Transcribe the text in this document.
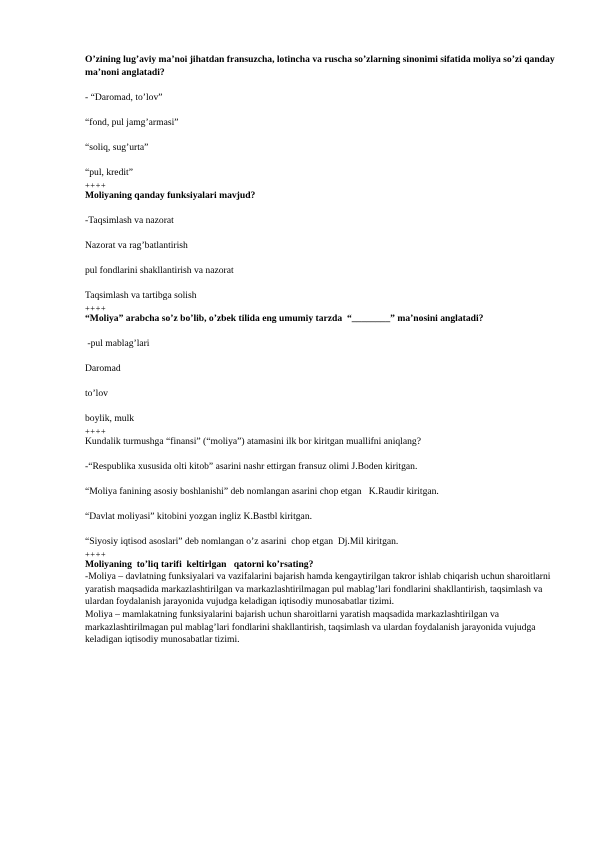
O’zining lug’aviy ma’noi jihatdan fransuzcha, lotincha va ruscha so’zlarning sinonimi sifatida moliya so’zi qanday ma’noni anglatadi?

- “Daromad, to’lov”

“fond, pul jamg’armasi”

“soliq, sug’urta”

“pul, kredit”

++++

Moliyaning qanday funksiyalari mavjud?

-Taqsimlash va nazorat

Nazorat va rag’batlantirish

pul fondlarini shakllantirish va nazorat

Taqsimlash va tartibga solish

++++

“Moliya” arabcha so’z bo’lib, o’zbek tilida eng umumiy tarzda  “________” ma’nosini anglatadi?

-pul mablag’lari

Daromad

to’lov

boylik, mulk

++++

Kundalik turmushga “finansi” (“moliya”) atamasini ilk bor kiritgan muallifni aniqlang?

-“Respublika xususida olti kitob” asarini nashr ettirgan fransuz olimi J.Boden kiritgan.

“Moliya fanining asosiy boshlanishi” deb nomlangan asarini chop etgan   K.Raudir kiritgan.

“Davlat moliyasi” kitobini yozgan ingliz K.Bastbl kiritgan.

“Siyosiy iqtisod asoslari” deb nomlangan o’z asarini  chop etgan  Dj.Mil kiritgan.

++++

Moliyaning  to’liq tarifi  keltirlgan   qatorni ko’rsating?

-Moliya – davlatning funksiyalari va vazifalarini bajarish hamda kengaytirilgan takror ishlab chiqarish uchun sharoitlarni yaratish maqsadida markazlashtirilgan va markazlashtirilmagan pul mablag’lari fondlarini shakllantirish, taqsimlash va ulardan foydalanish jarayonida vujudga keladigan iqtisodiy munosabatlar tizimi.

Moliya – mamlakatning funksiyalarini bajarish uchun sharoitlarni yaratish maqsadida markazlashtirilgan va markazlashtirilmagan pul mablag’lari fondlarini shakllantirish, taqsimlash va ulardan foydalanish jarayonida vujudga keladigan iqtisodiy munosabatlar tizimi.
